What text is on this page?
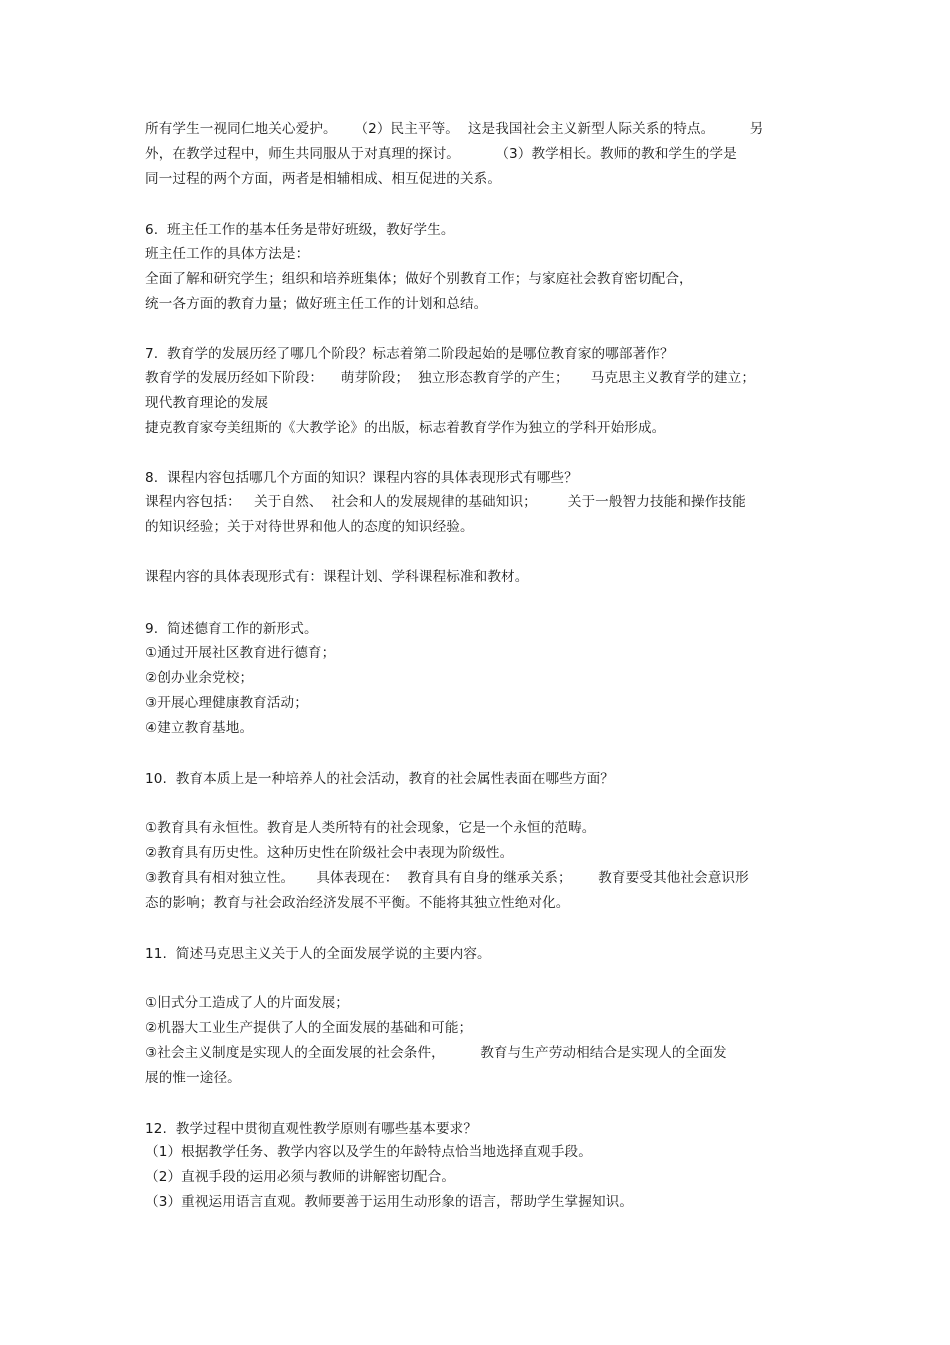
所有学生一视同仁地关心爱护。    （2）民主平等。  这是我国社会主义新型人际关系的特点。        另
外，在教学过程中，师生共同服从于对真理的探讨。        （3）教学相长。教师的教和学生的学是
同一过程的两个方面，两者是相辅相成、相互促进的关系。
6.  班主任工作的基本任务是带好班级，教好学生。
班主任工作的具体方法是：
全面了解和研究学生；组织和培养班集体；做好个别教育工作；与家庭社会教育密切配合，
统一各方面的教育力量；做好班主任工作的计划和总结。
7.  教育学的发展历经了哪几个阶段？标志着第二阶段起始的是哪位教育家的哪部著作？
教育学的发展历经如下阶段：    萌芽阶段；  独立形态教育学的产生；     马克思主义教育学的建立；
现代教育理论的发展
捷克教育家夸美纽斯的《大教学论》的出版，标志着教育学作为独立的学科开始形成。
8.  课程内容包括哪几个方面的知识？课程内容的具体表现形式有哪些？
课程内容包括：   关于自然、  社会和人的发展规律的基础知识；       关于一般智力技能和操作技能
的知识经验；关于对待世界和他人的态度的知识经验。
课程内容的具体表现形式有：课程计划、学科课程标准和教材。
9.  简述德育工作的新形式。
①通过开展社区教育进行德育；
②创办业余党校；
③开展心理健康教育活动；
④建立教育基地。
10.  教育本质上是一种培养人的社会活动，教育的社会属性表面在哪些方面？
①教育具有永恒性。教育是人类所特有的社会现象，它是一个永恒的范畴。
②教育具有历史性。这种历史性在阶级社会中表现为阶级性。
③教育具有相对独立性。     具体表现在：  教育具有自身的继承关系；      教育要受其他社会意识形
态的影响；教育与社会政治经济发展不平衡。不能将其独立性绝对化。
11.  简述马克思主义关于人的全面发展学说的主要内容。
①旧式分工造成了人的片面发展；
②机器大工业生产提供了人的全面发展的基础和可能；
③社会主义制度是实现人的全面发展的社会条件，        教育与生产劳动相结合是实现人的全面发
展的惟一途径。
12.  教学过程中贯彻直观性教学原则有哪些基本要求？
（1）根据教学任务、教学内容以及学生的年龄特点恰当地选择直观手段。
（2）直视手段的运用必须与教师的讲解密切配合。
（3）重视运用语言直观。教师要善于运用生动形象的语言，帮助学生掌握知识。
